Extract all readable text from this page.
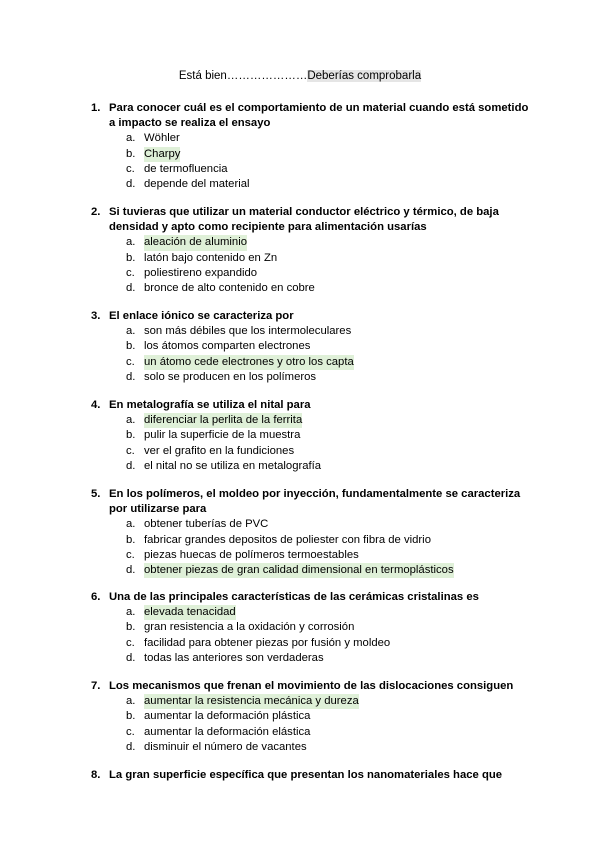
Está bien…………………Deberías comprobarla
1. Para conocer cuál es el comportamiento de un material cuando está sometido a impacto se realiza el ensayo
a. Wöhler
b. Charpy
c. de termofluencia
d. depende del material
2. Si tuvieras que utilizar un material conductor eléctrico y térmico, de baja densidad y apto como recipiente para alimentación usarías
a. aleación de aluminio
b. latón bajo contenido en Zn
c. poliestireno expandido
d. bronce de alto contenido en cobre
3. El enlace iónico se caracteriza por
a. son más débiles que los intermoleculares
b. los átomos comparten electrones
c. un átomo cede electrones y otro los capta
d. solo se producen en los polímeros
4. En metalografía se utiliza el nital para
a. diferenciar la perlita de la ferrita
b. pulir la superficie de la muestra
c. ver el grafito en la fundiciones
d. el nital no se utiliza en metalografía
5. En los polímeros, el moldeo por inyección, fundamentalmente se caracteriza por utilizarse para
a. obtener tuberías de PVC
b. fabricar grandes depositos de poliester con fibra de vidrio
c. piezas huecas de polímeros termoestables
d. obtener piezas de gran calidad dimensional en termoplásticos
6. Una de las principales características de las cerámicas cristalinas es
a. elevada tenacidad
b. gran resistencia a la oxidación y corrosión
c. facilidad para obtener piezas por fusión y moldeo
d. todas las anteriores son verdaderas
7. Los mecanismos que frenan el movimiento de las dislocaciones consiguen
a. aumentar la resistencia mecánica y dureza
b. aumentar la deformación plástica
c. aumentar la deformación elástica
d. disminuir el número de vacantes
8. La gran superficie específica que presentan los nanomateriales hace que
